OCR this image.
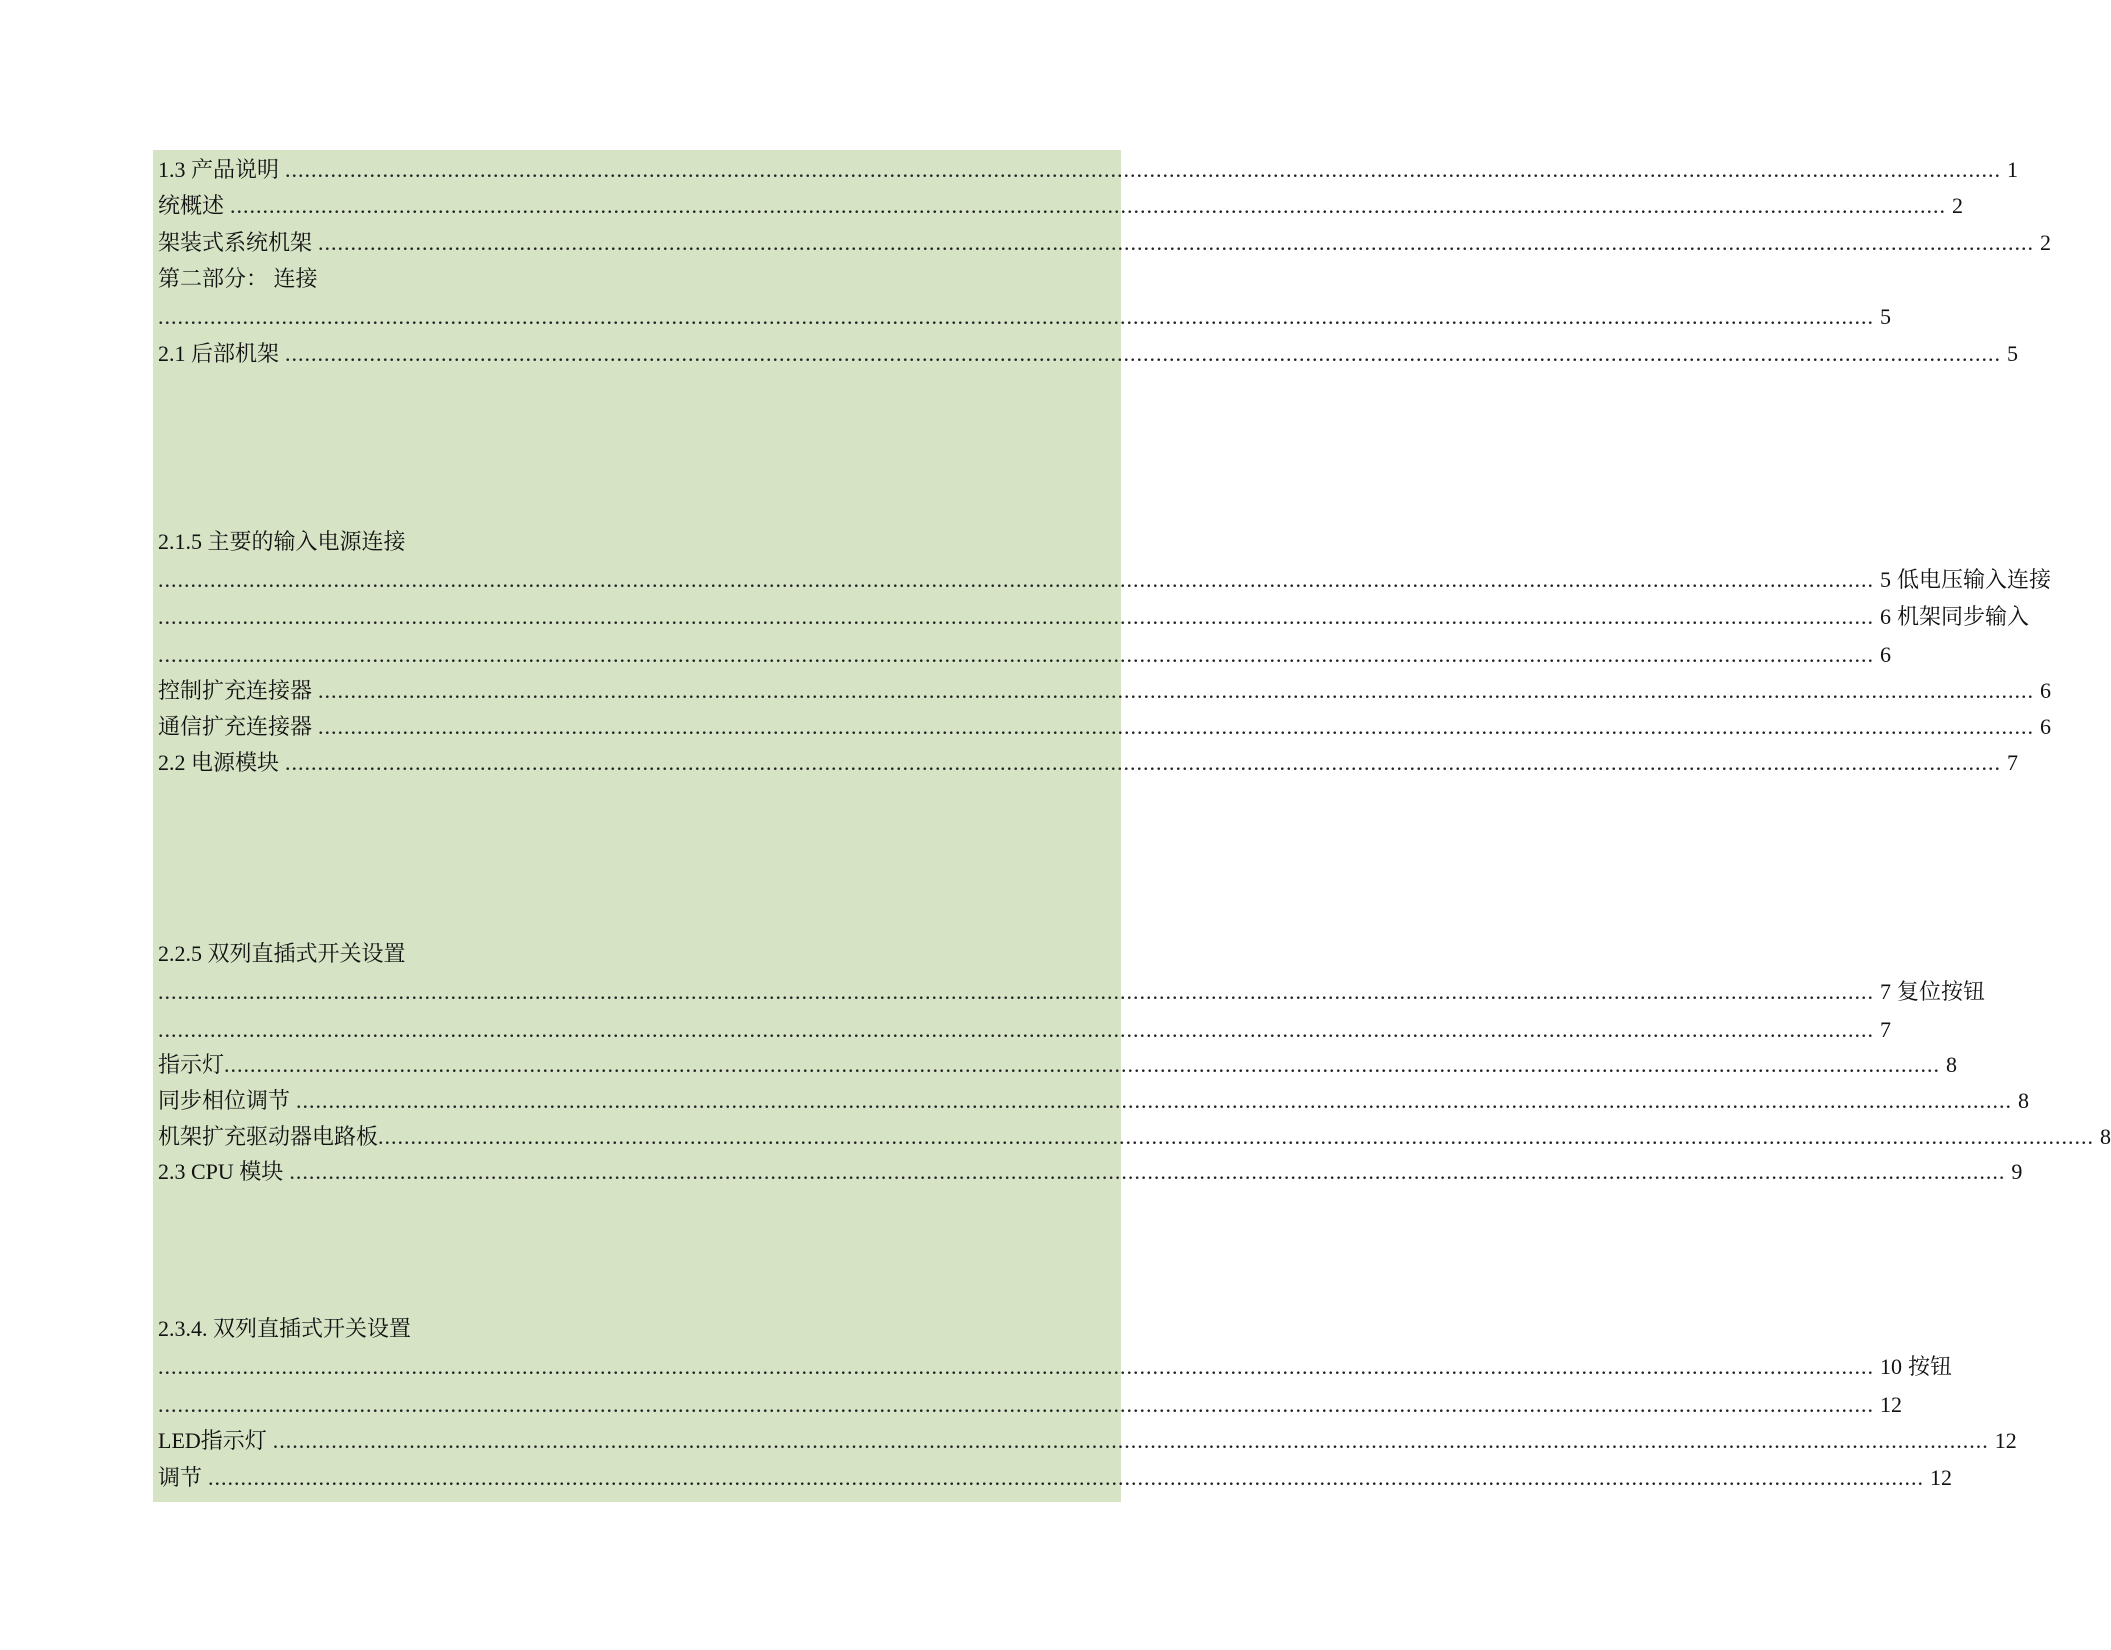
1.3 产品说明 ........................................................................................................................................................................................................................................................................ 1
统概述 ........................................................................................................................................................................................................................................................................ 2
架装式系统机架 ........................................................................................................................................................................................................................................................................ 2
第二部分： 连接
........................................................................................................................................................................................................................................................................ 5
2.1 后部机架 ........................................................................................................................................................................................................................................................................ 5
2.1.5 主要的输入电源连接
........................................................................................................................................................................................................................................................................ 5 低电压输入连接
........................................................................................................................................................................................................................................................................ 6 机架同步输入
........................................................................................................................................................................................................................................................................ 6
控制扩充连接器 ........................................................................................................................................................................................................................................................................ 6
通信扩充连接器 ........................................................................................................................................................................................................................................................................ 6
2.2 电源模块 ........................................................................................................................................................................................................................................................................ 7
2.2.5 双列直插式开关设置
........................................................................................................................................................................................................................................................................ 7 复位按钮
........................................................................................................................................................................................................................................................................ 7
指示灯 ........................................................................................................................................................................................................................................................................ 8
同步相位调节 ........................................................................................................................................................................................................................................................................ 8
机架扩充驱动器电路板 ........................................................................................................................................................................................................................................................................ 8
2.3 CPU 模块 ........................................................................................................................................................................................................................................................................ 9
2.3.4. 双列直插式开关设置
........................................................................................................................................................................................................................................................................ 10 按钮
........................................................................................................................................................................................................................................................................ 12
LED指示灯 ........................................................................................................................................................................................................................................................................ 12
调节 ........................................................................................................................................................................................................................................................................ 12
